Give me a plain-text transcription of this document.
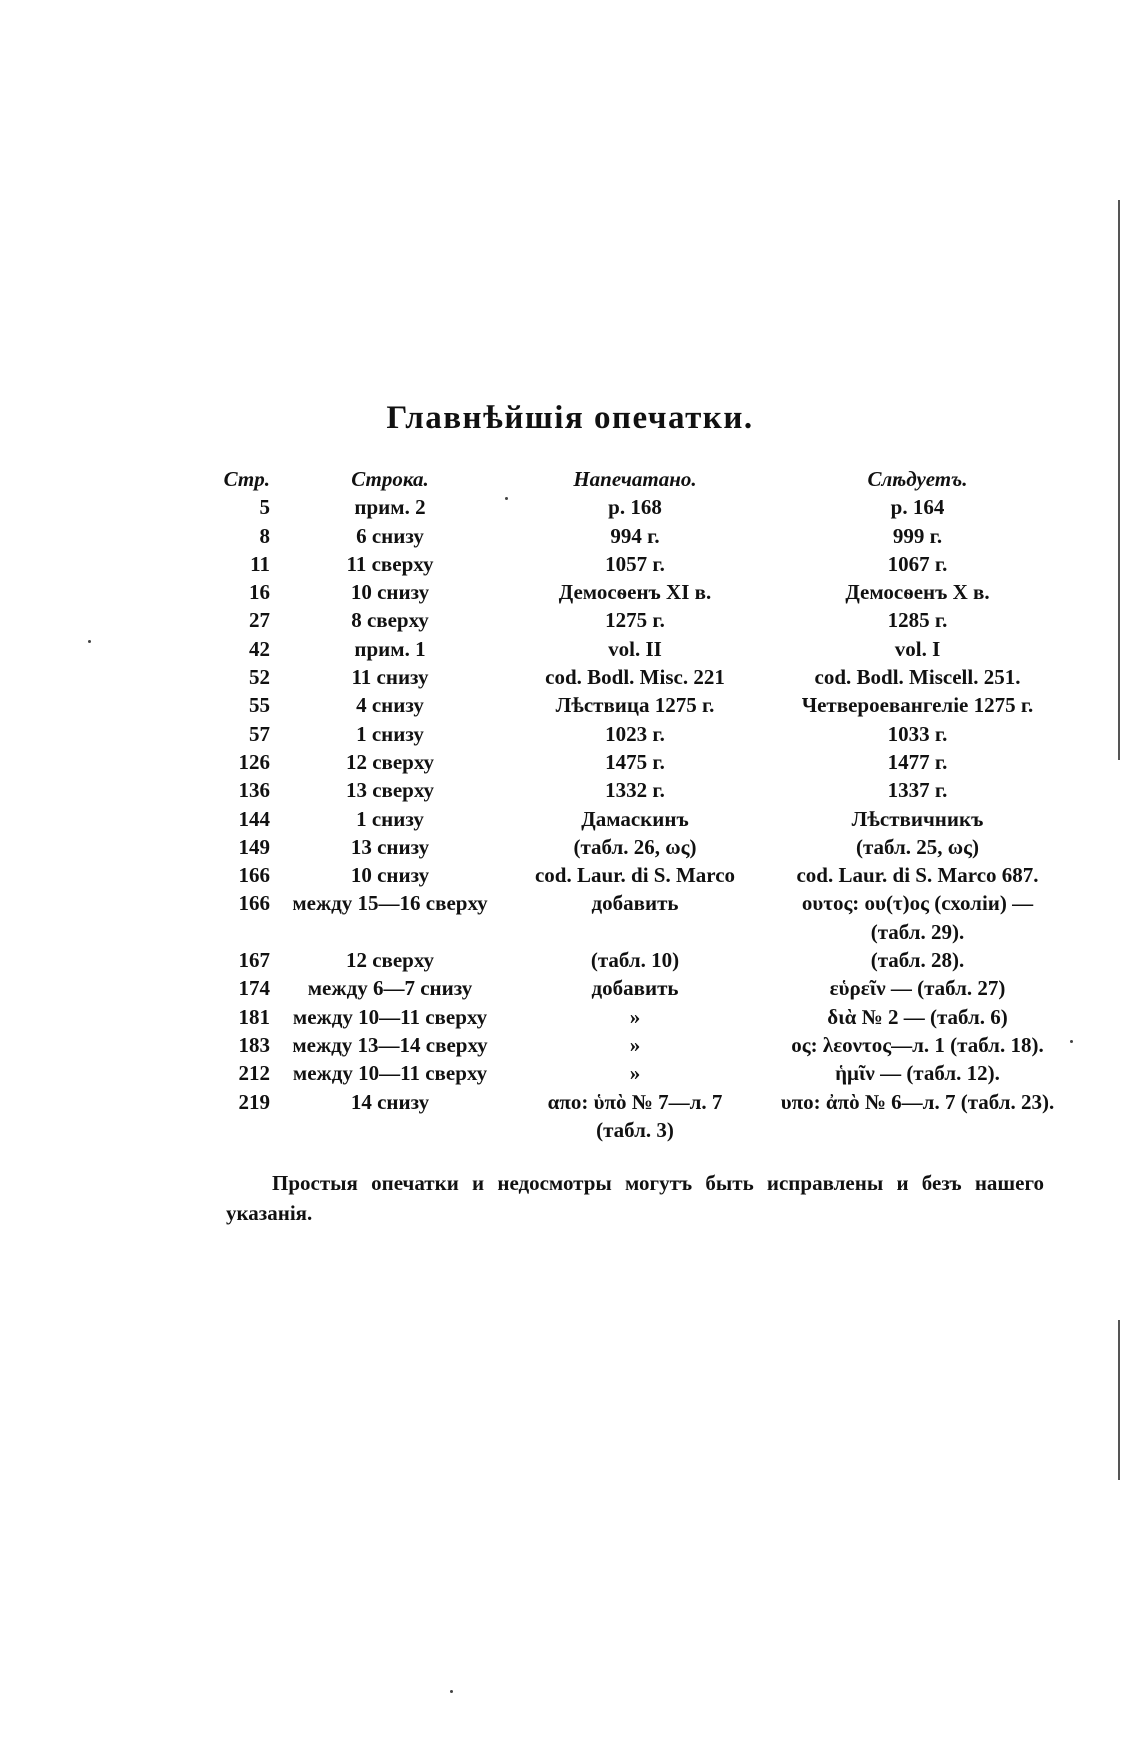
Главнѣйшія опечатки.
Стр.	Строка.	Напечатано.	Слѣдуетъ.
5	прим. 2	p. 168	p. 164
8	6 снизу	994 г.	999 г.
11	11 сверху	1057 г.	1067 г.
16	10 снизу	Демосѳенъ XI в.	Демосѳенъ X в.
27	8 сверху	1275 г.	1285 г.
42	прим. 1	vol. II	vol. I
52	11 снизу	cod. Bodl. Misc. 221	cod. Bodl. Miscell. 251.
55	4 снизу	Лѣствица 1275 г.	Четвероевангеліе 1275 г.
57	1 снизу	1023 г.	1033 г.
126	12 сверху	1475 г.	1477 г.
136	13 сверху	1332 г.	1337 г.
144	1 снизу	Дамаскинъ	Лѣствичникъ
149	13 снизу	(табл. 26, ως)	(табл. 25, ως)
166	10 снизу	cod. Laur. di S. Marco	cod. Laur. di S. Marco 687.
166	между 15—16 сверху	добавить	ουτος: ου(τ)ος (схоліи) —
			(табл. 29).
167	12 сверху	(табл. 10)	(табл. 28).
174	между 6—7 снизу	добавить	εὑρεῖν — (табл. 27)
181	между 10—11 сверху	»	διὰ № 2 — (табл. 6)
183	между 13—14 сверху	»	ος: λεοντος—л. 1 (табл. 18).
212	между 10—11 сверху	»	ἡμῖν — (табл. 12).
219	14 снизу	απο: ὑπὸ № 7—л. 7	υπο: ἀπὸ № 6—л. 7 (табл. 23).
		(табл. 3)	
Простыя опечатки и недосмотры могутъ быть исправлены и безъ нашего указанія.
